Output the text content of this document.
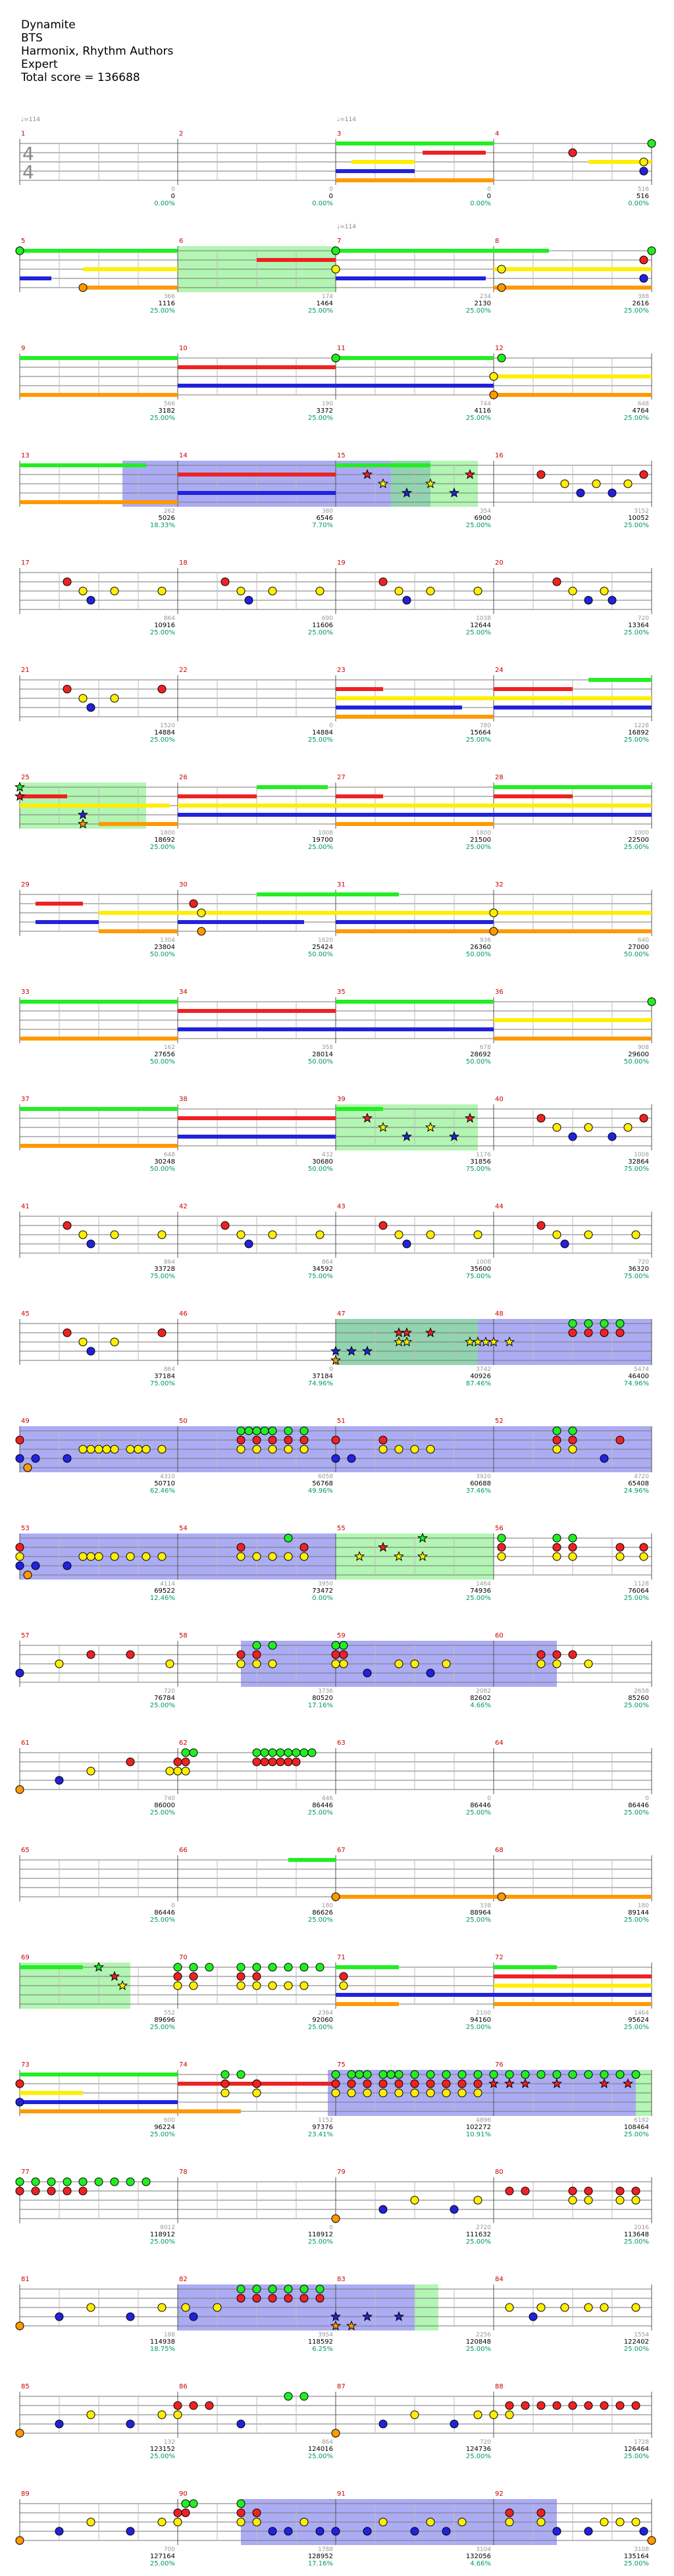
Dynamite
BTS
Harmonix, Rhythm Authors
Expert
Total score = 136688
1
♩=114
0
0
0.00%
2
0
0
0.00%
3
♩=114
0
0
0.00%
4
516
516
0.00%
4
4
5
366
1116
25.00%
6
174
1464
25.00%
7
♩=114
234
2130
25.00%
8
388
2616
25.00%
9
566
3182
25.00%
10
190
3372
25.00%
11
744
4116
25.00%
12
648
4764
25.00%
13
262
5026
18.33%
14
380
6546
7.70%
15
354
6900
25.00%
16
3152
10052
25.00%
17
864
10916
25.00%
18
690
11606
25.00%
19
1038
12644
25.00%
20
720
13364
25.00%
21
1520
14884
25.00%
22
0
14884
25.00%
23
780
15664
25.00%
24
1228
16892
25.00%
25
1800
18692
25.00%
26
1008
19700
25.00%
27
1800
21500
25.00%
28
1000
22500
25.00%
29
1304
23804
50.00%
30
1620
25424
50.00%
31
936
26360
50.00%
32
640
27000
50.00%
33
162
27656
50.00%
34
358
28014
50.00%
35
678
28692
50.00%
36
908
29600
50.00%
37
648
30248
50.00%
38
432
30680
50.00%
39
1176
31856
75.00%
40
1008
32864
75.00%
41
864
33728
75.00%
42
864
34592
75.00%
43
1008
35600
75.00%
44
720
36320
75.00%
45
864
37184
75.00%
46
0
37184
74.96%
47
3742
40926
87.46%
48
5474
46400
74.96%
49
4310
50710
62.46%
50
6058
56768
49.96%
51
3920
60688
37.46%
52
4720
65408
24.96%
53
4114
69522
12.46%
54
3950
73472
0.00%
55
1464
74936
25.00%
56
1128
76064
25.00%
57
720
76784
25.00%
58
3736
80520
17.16%
59
2082
82602
4.66%
60
2658
85260
25.00%
61
740
86000
25.00%
62
446
86446
25.00%
63
0
86446
25.00%
64
0
86446
25.00%
65
0
86446
25.00%
66
180
86626
25.00%
67
338
88964
25.00%
68
180
89144
25.00%
69
552
89696
25.00%
70
2364
92060
25.00%
71
2100
94160
25.00%
72
1464
95624
25.00%
73
600
96224
25.00%
74
1152
97376
23.41%
75
4896
102272
10.91%
76
6192
108464
25.00%
77
8012
118912
25.00%
78
0
118912
25.00%
79
2720
111632
25.00%
80
2016
113648
25.00%
81
188
114938
18.75%
82
3954
118592
6.25%
83
2256
120848
25.00%
84
1554
122402
25.00%
85
132
123152
25.00%
86
864
124016
25.00%
87
720
124736
25.00%
88
1728
126464
25.00%
89
700
127164
25.00%
90
1788
128952
17.16%
91
3104
132056
4.66%
92
3108
135164
25.00%
